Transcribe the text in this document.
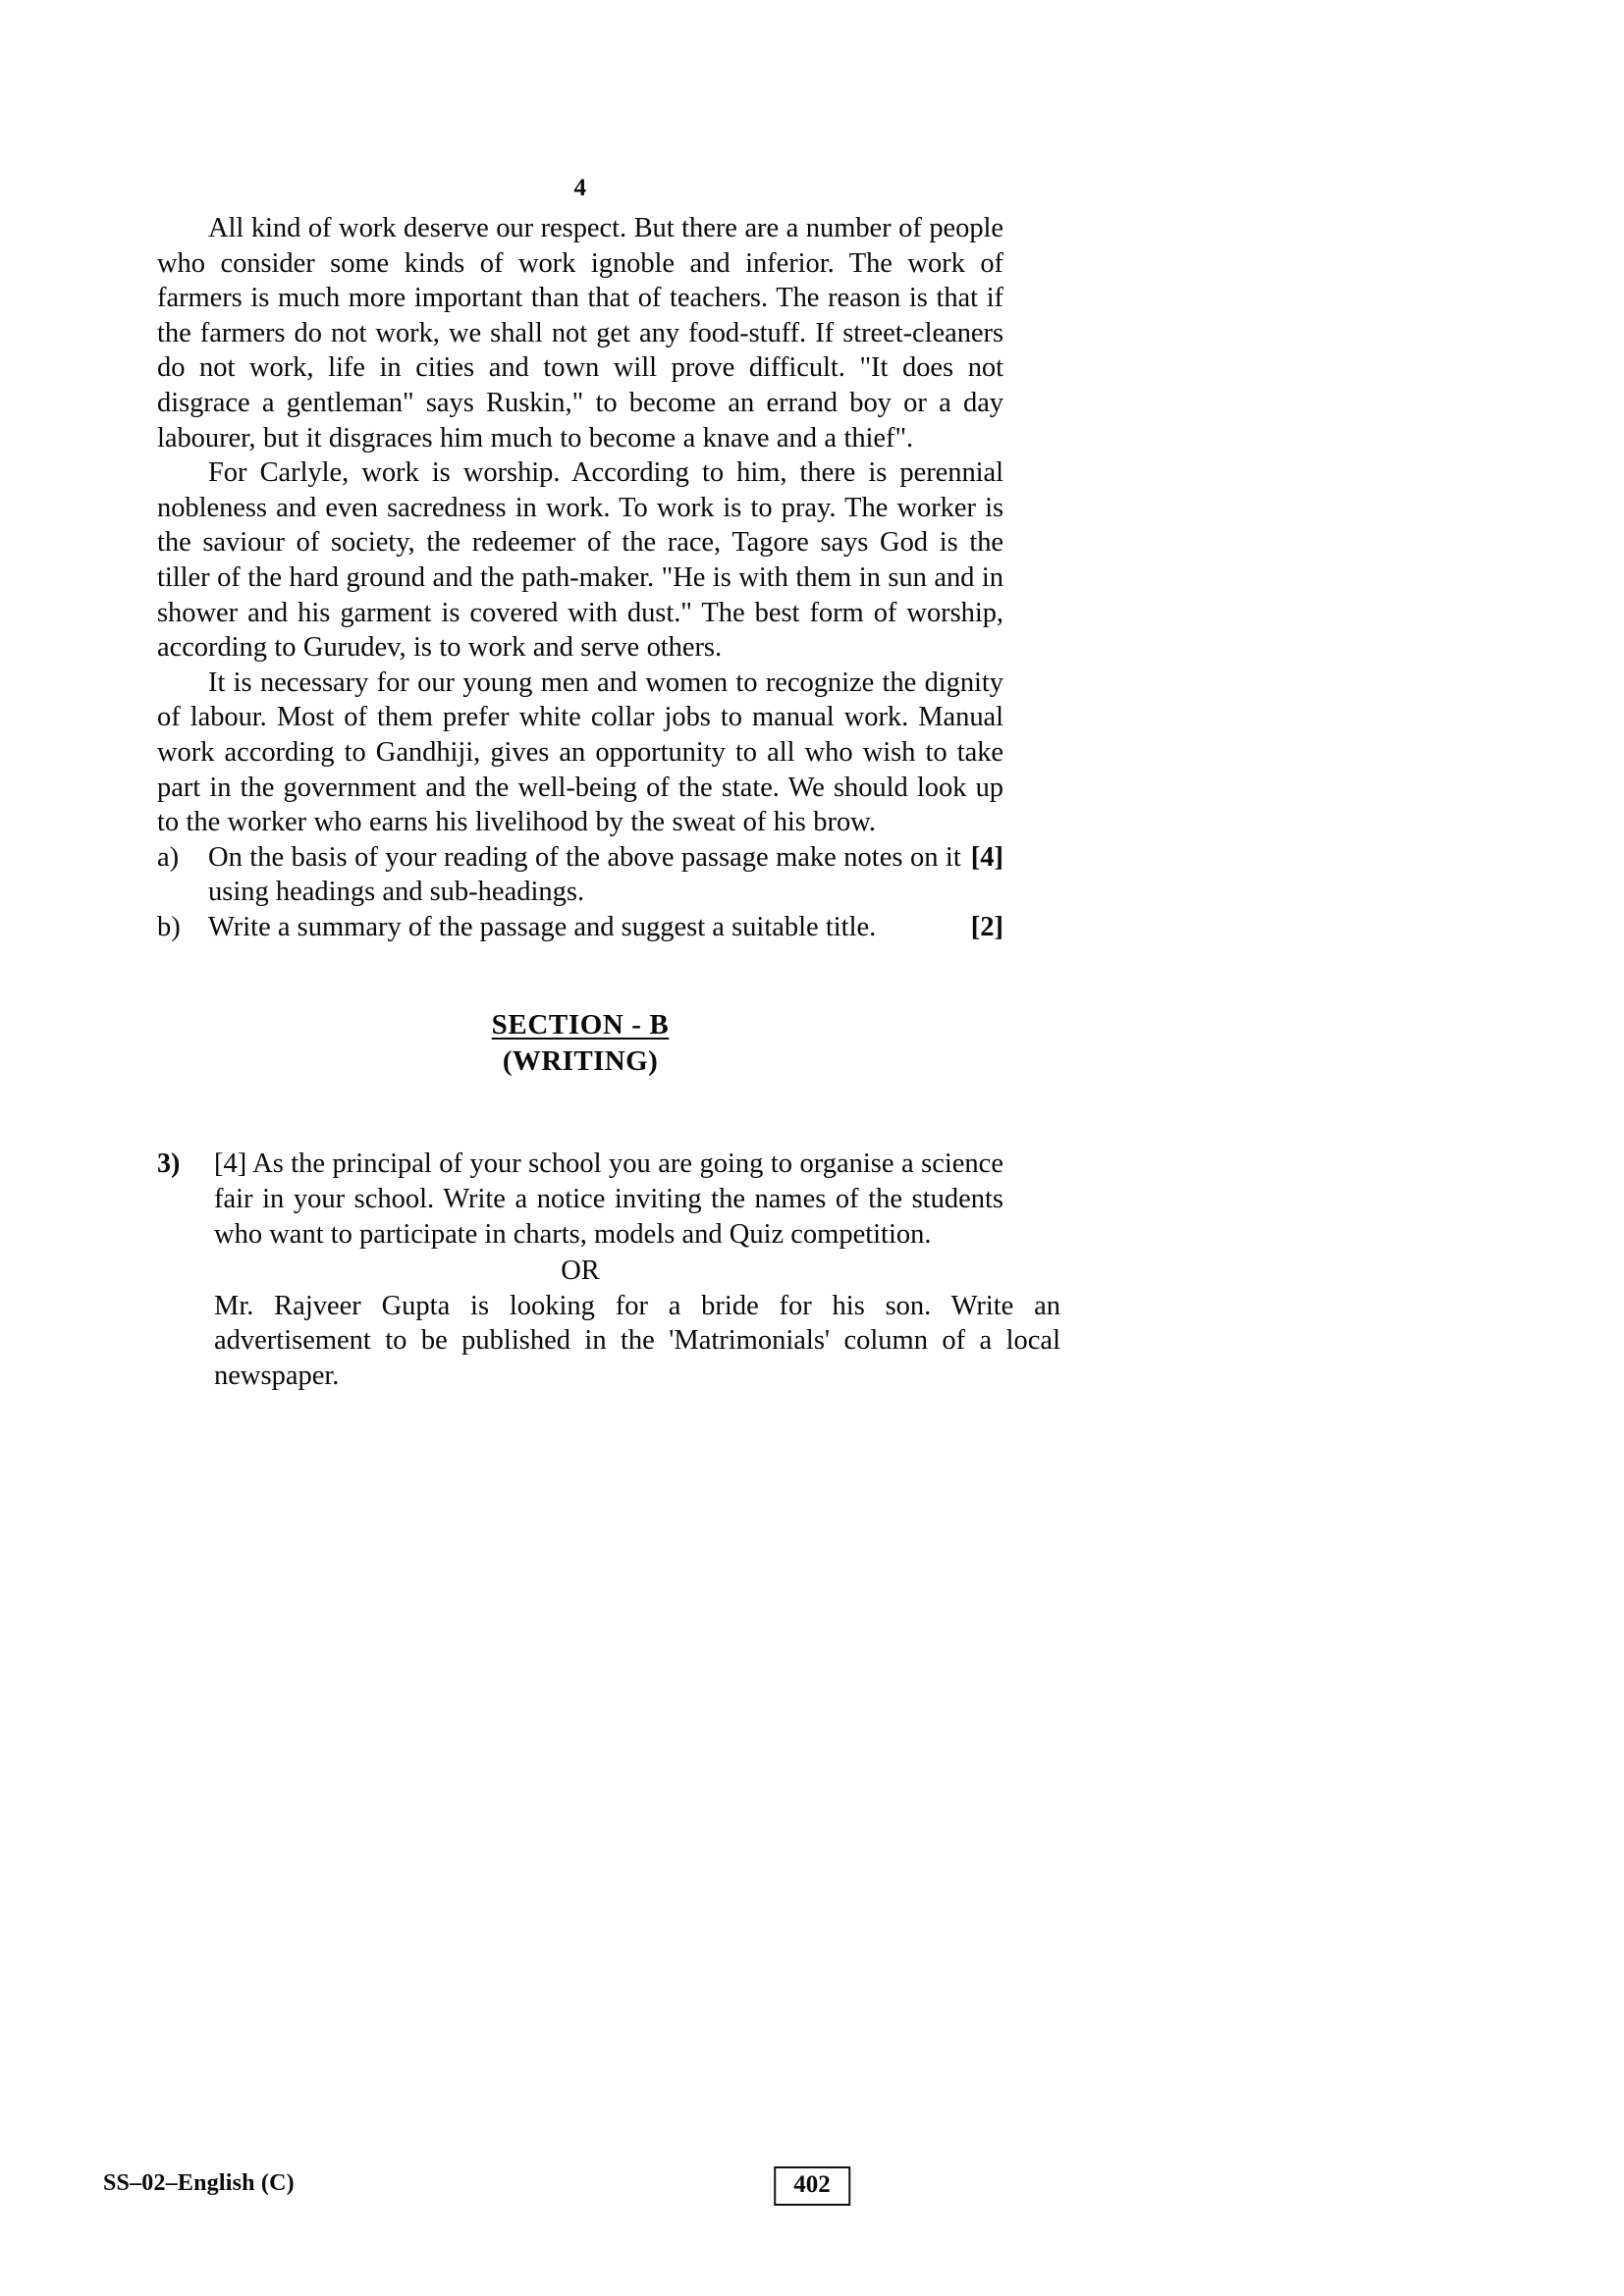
4

All kind of work deserve our respect. But there are a number of people who consider some kinds of work ignoble and inferior. The work of farmers is much more important than that of teachers. The reason is that if the farmers do not work, we shall not get any food-stuff. If street-cleaners do not work, life in cities and town will prove difficult. "It does not disgrace a gentleman" says Ruskin," to become an errand boy or a day labourer, but it disgraces him much to become a knave and a thief".

For Carlyle, work is worship. According to him, there is perennial nobleness and even sacredness in work. To work is to pray. The worker is the saviour of society, the redeemer of the race, Tagore says God is the tiller of the hard ground and the path-maker. "He is with them in sun and in shower and his garment is covered with dust." The best form of worship, according to Gurudev, is to work and serve others.

It is necessary for our young men and women to recognize the dignity of labour. Most of them prefer white collar jobs to manual work. Manual work according to Gandhiji, gives an opportunity to all who wish to take part in the government and the well-being of the state. We should look up to the worker who earns his livelihood by the sweat of his brow.

a)	[4]
On the basis of your reading of the above passage make notes on it using headings and sub-headings.
b)	[2]
Write a summary of the passage and suggest a suitable title.
SECTION - B
(WRITING)
3)	[4] As the principal of your school you are going to organise a science fair in your school. Write a notice inviting the names of the students who want to participate in charts, models and Quiz competition.
OR

Mr. Rajveer Gupta is looking for a bride for his son. Write an advertisement to be published in the 'Matrimonials' column of a local newspaper.

SS–02–English (C)	402
